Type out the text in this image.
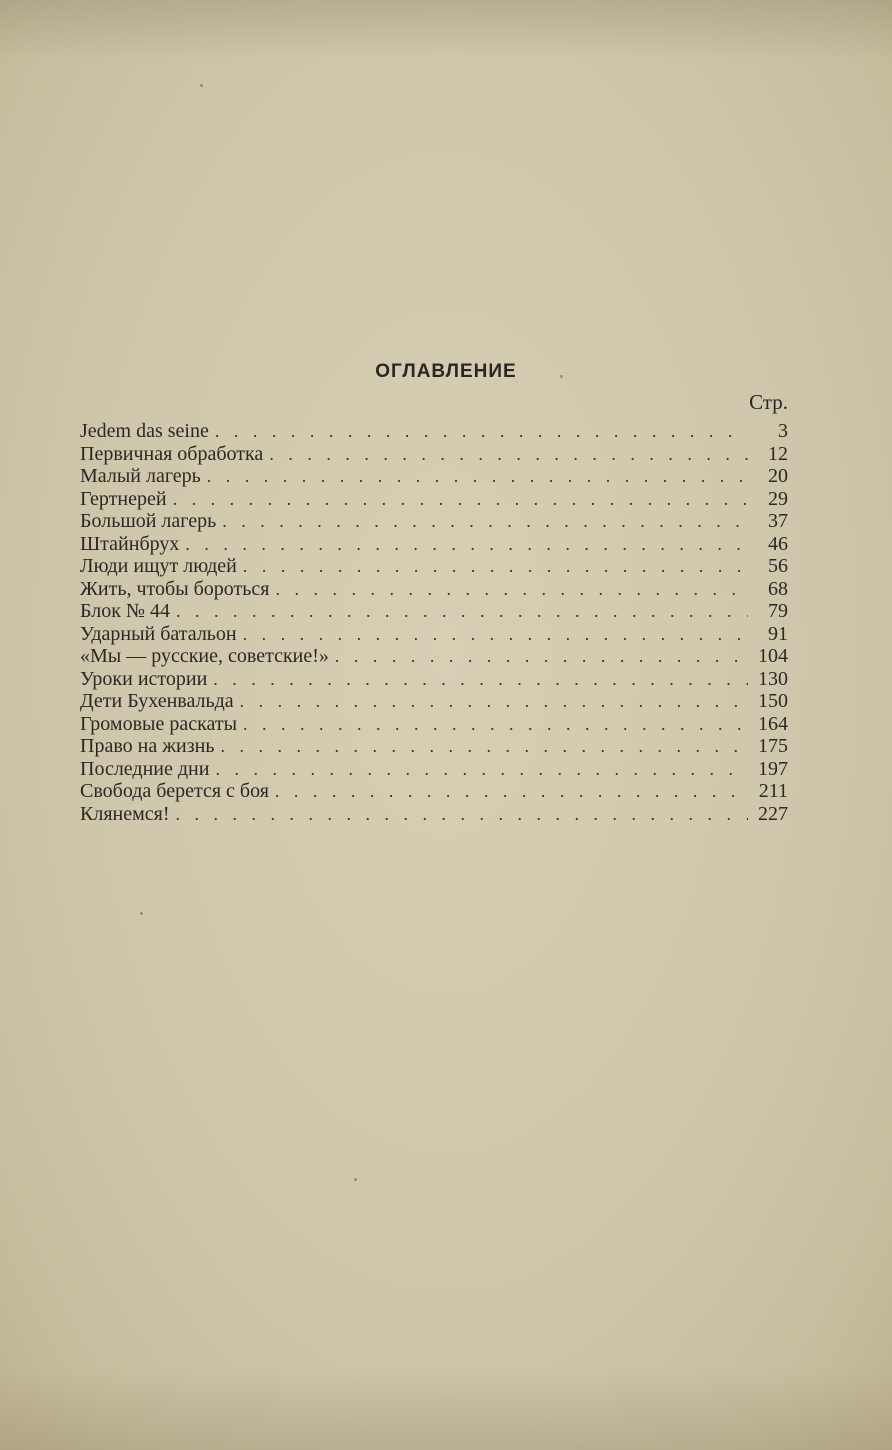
ОГЛАВЛЕНИЕ
Стр.
Jedem das seine . . .	3
Первичная обработка . . .	12
Малый лагерь . . .	20
Гертнерей . . .	29
Большой лагерь . . .	37
Штайнбрух . . .	46
Люди ищут людей . . .	56
Жить, чтобы бороться . . .	68
Блок № 44 . . .	79
Ударный батальон . . .	91
«Мы — русские, советские!» . . .	104
Уроки истории . . .	130
Дети Бухенвальда . . .	150
Громовые раскаты . . .	164
Право на жизнь . . .	175
Последние дни . . .	197
Свобода берется с боя . . .	211
Клянемся! . . .	227
